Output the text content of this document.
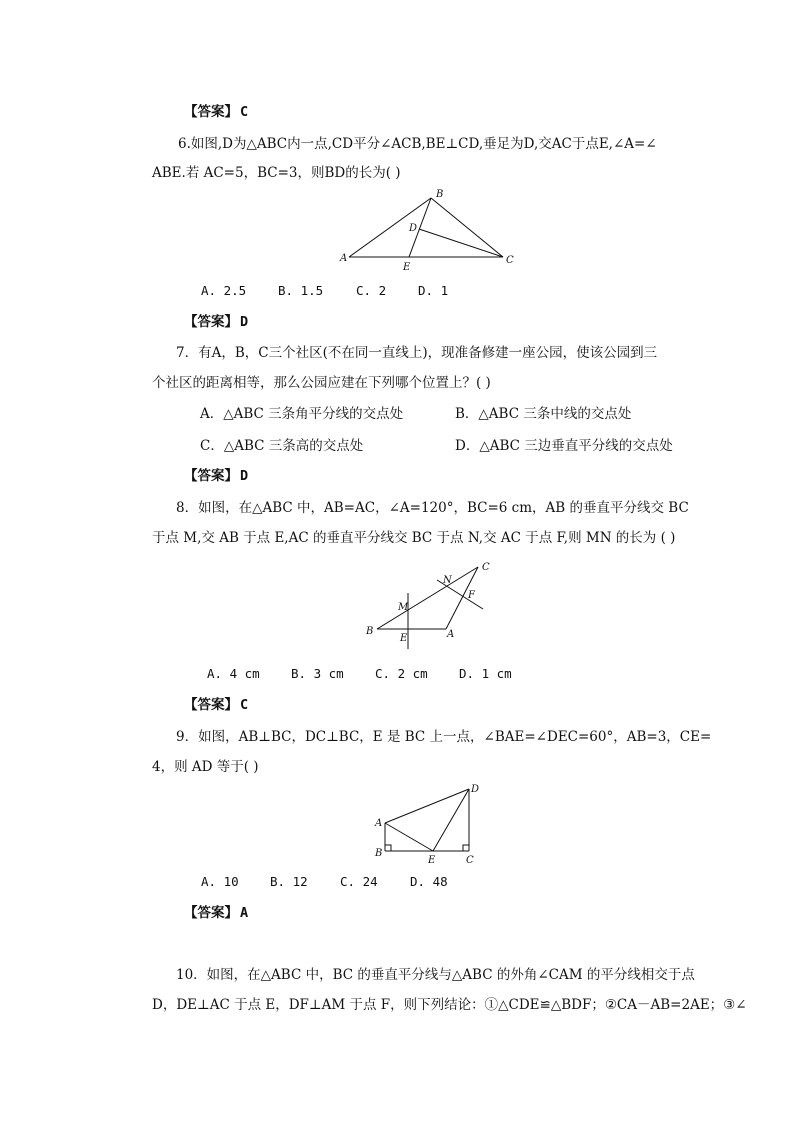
【答案】 C
6.如图,D为△ABC内一点,CD平分∠ACB,BE⊥CD,垂足为D,交AC于点E,∠A=∠
ABE.若 AC=5，BC=3，则BD的长为( )
A
B
C
D
E
A. 2.5	B. 1.5	C. 2	D. 1
【答案】 D
7．有A，B，C三个社区(不在同一直线上)，现准备修建一座公园，使该公园到三
个社区的距离相等，那么公园应建在下列哪个位置上？( )
A．△ABC 三条角平分线的交点处	B．△ABC 三条中线的交点处
C．△ABC 三条高的交点处	D．△ABC 三边垂直平分线的交点处
【答案】 D
8．如图，在△ABC 中，AB=AC，∠A=120°，BC=6 cm，AB 的垂直平分线交 BC
于点 M,交 AB 于点 E,AC 的垂直平分线交 BC 于点 N,交 AC 于点 F,则 MN 的长为 ( )
A
B
C
E
F
M
N
A. 4 cm	B. 3 cm	C. 2 cm	D. 1 cm
【答案】 C
9．如图，AB⊥BC，DC⊥BC，E 是 BC 上一点，∠BAE=∠DEC=60°，AB=3，CE=
4，则 AD 等于( )
A
B
C
D
E
A. 10	B. 12	C. 24	D. 48
【答案】 A
10．如图，在△ABC 中，BC 的垂直平分线与△ABC 的外角∠CAM 的平分线相交于点
D，DE⊥AC 于点 E，DF⊥AM 于点 F，则下列结论：①△CDE≌△BDF；②CA－AB=2AE；③∠
